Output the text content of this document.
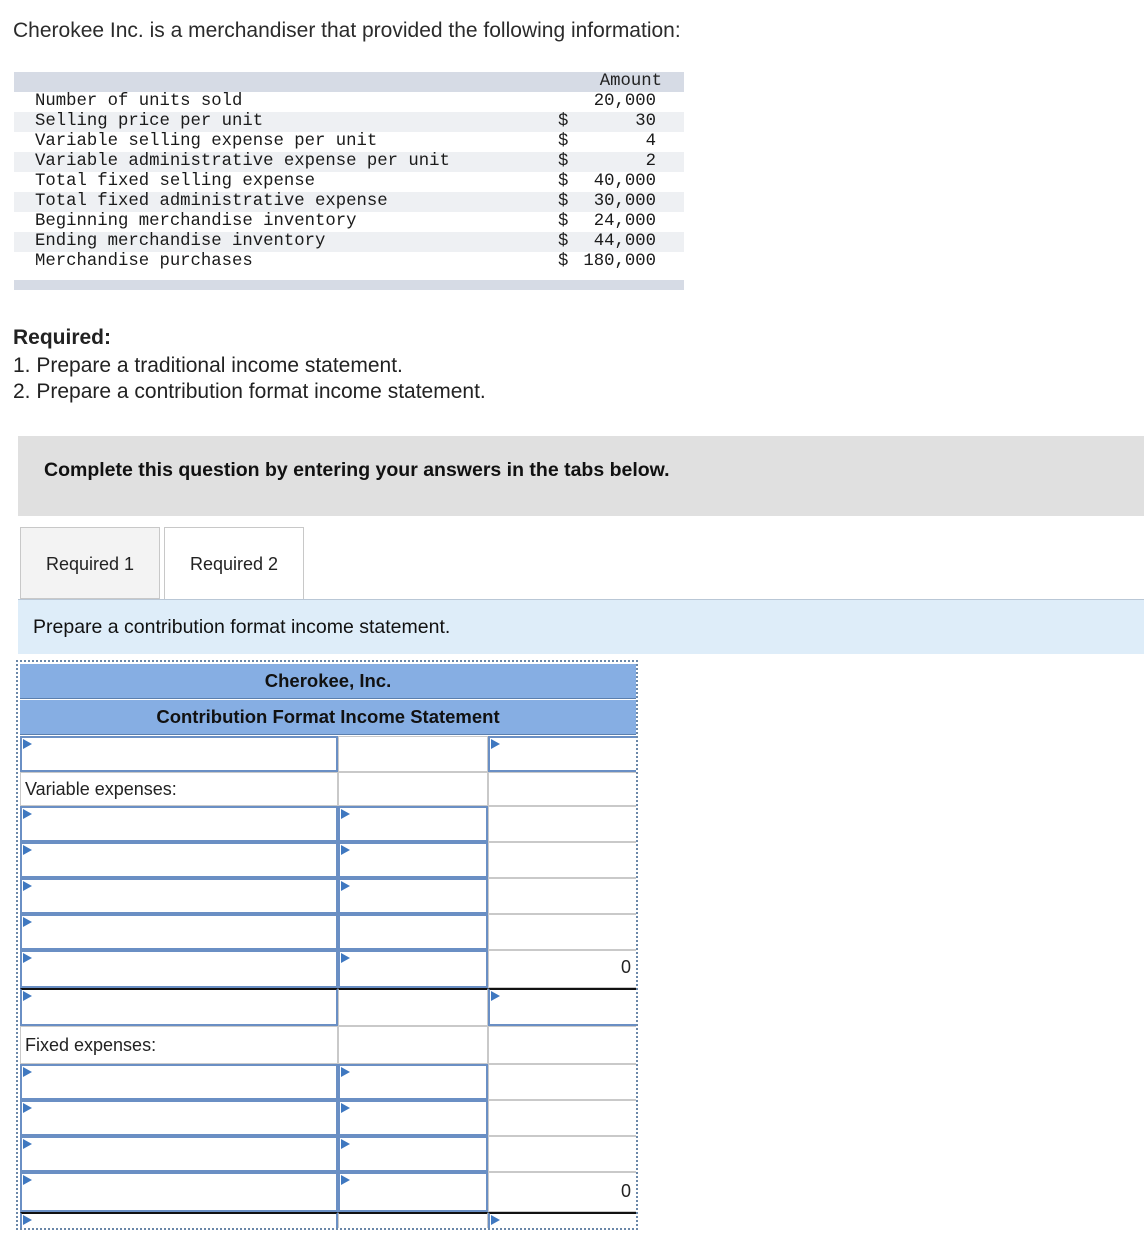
Cherokee Inc. is a merchandiser that provided the following information:
Amount
Number of units sold	20,000
Selling price per unit	$	30
Variable selling expense per unit	$	4
Variable administrative expense per unit	$	2
Total fixed selling expense	$ 40,000
Total fixed administrative expense	$ 30,000
Beginning merchandise inventory	$ 24,000
Ending merchandise inventory	$ 44,000
Merchandise purchases	$ 180,000
Required:
1. Prepare a traditional income statement.
2. Prepare a contribution format income statement.
Complete this question by entering your answers in the tabs below.
Required 1	Required 2
Prepare a contribution format income statement.
Cherokee, Inc.
Contribution Format Income Statement
Variable expenses:
0
Fixed expenses:
0
